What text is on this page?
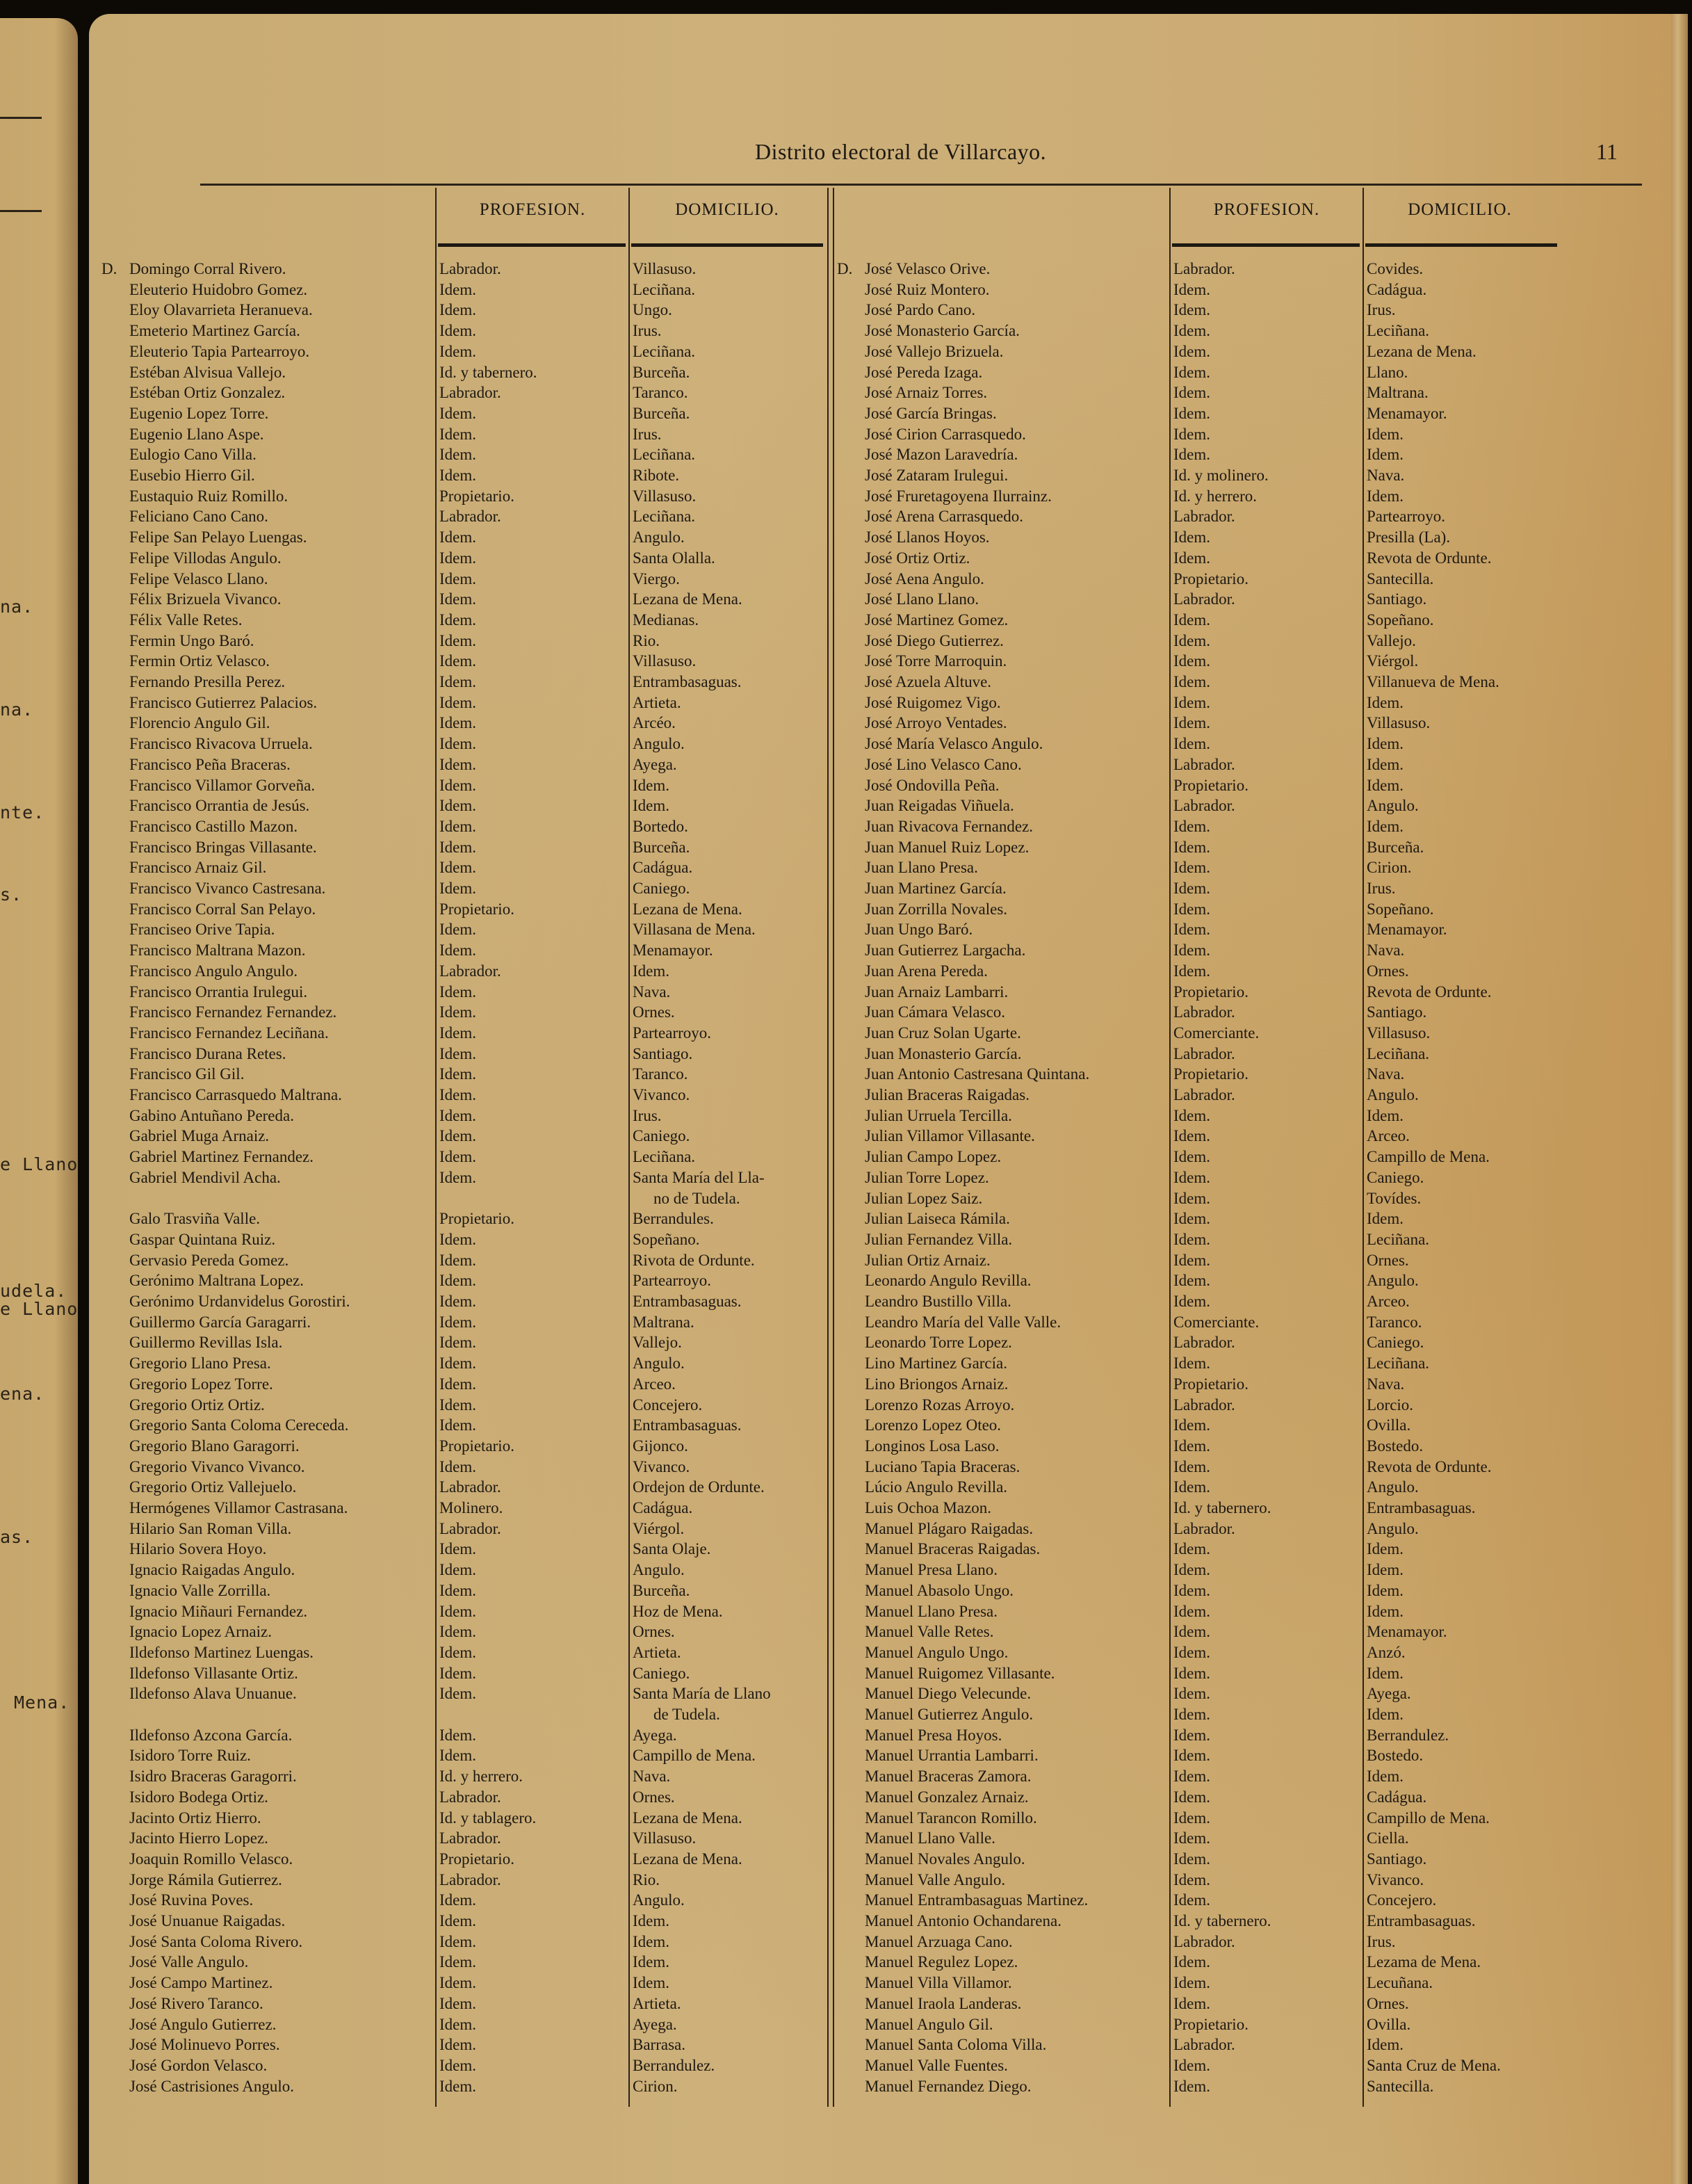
na.
na.
nte.
s.
e Llano
udela.
e Llano
ena.
as.
Mena.
Distrito electoral de Villarcayo.	11
PROFESION.	DOMICILIO.	PROFESION.	DOMICILIO.
D. Domingo Corral Rivero.	Labrador.	Villasuso.
Eleuterio Huidobro Gomez.	Idem.	Leciñana.
Eloy Olavarrieta Heranueva.	Idem.	Ungo.
Emeterio Martinez García.	Idem.	Irus.
Eleuterio Tapia Partearroyo.	Idem.	Leciñana.
Estéban Alvisua Vallejo.	Id. y tabernero.	Burceña.
Estéban Ortiz Gonzalez.	Labrador.	Taranco.
Eugenio Lopez Torre.	Idem.	Burceña.
Eugenio Llano Aspe.	Idem.	Irus.
Eulogio Cano Villa.	Idem.	Leciñana.
Eusebio Hierro Gil.	Idem.	Ribote.
Eustaquio Ruiz Romillo.	Propietario.	Villasuso.
Feliciano Cano Cano.	Labrador.	Leciñana.
Felipe San Pelayo Luengas.	Idem.	Angulo.
Felipe Villodas Angulo.	Idem.	Santa Olalla.
Felipe Velasco Llano.	Idem.	Viergo.
Félix Brizuela Vivanco.	Idem.	Lezana de Mena.
Félix Valle Retes.	Idem.	Medianas.
Fermin Ungo Baró.	Idem.	Rio.
Fermin Ortiz Velasco.	Idem.	Villasuso.
Fernando Presilla Perez.	Idem.	Entrambasaguas.
Francisco Gutierrez Palacios.	Idem.	Artieta.
Florencio Angulo Gil.	Idem.	Arcéo.
Francisco Rivacova Urruela.	Idem.	Angulo.
Francisco Peña Braceras.	Idem.	Ayega.
Francisco Villamor Gorveña.	Idem.	Idem.
Francisco Orrantia de Jesús.	Idem.	Idem.
Francisco Castillo Mazon.	Idem.	Bortedo.
Francisco Bringas Villasante.	Idem.	Burceña.
Francisco Arnaiz Gil.	Idem.	Cadágua.
Francisco Vivanco Castresana.	Idem.	Caniego.
Francisco Corral San Pelayo.	Propietario.	Lezana de Mena.
Franciseo Orive Tapia.	Idem.	Villasana de Mena.
Francisco Maltrana Mazon.	Idem.	Menamayor.
Francisco Angulo Angulo.	Labrador.	Idem.
Francisco Orrantia Irulegui.	Idem.	Nava.
Francisco Fernandez Fernandez.	Idem.	Ornes.
Francisco Fernandez Leciñana.	Idem.	Partearroyo.
Francisco Durana Retes.	Idem.	Santiago.
Francisco Gil Gil.	Idem.	Taranco.
Francisco Carrasquedo Maltrana.	Idem.	Vivanco.
Gabino Antuñano Pereda.	Idem.	Irus.
Gabriel Muga Arnaiz.	Idem.	Caniego.
Gabriel Martinez Fernandez.	Idem.	Leciñana.
Gabriel Mendivil Acha.	Idem.	Santa María del Lla-
no de Tudela.
Galo Trasviña Valle.	Propietario.	Berrandules.
Gaspar Quintana Ruiz.	Idem.	Sopeñano.
Gervasio Pereda Gomez.	Idem.	Rivota de Ordunte.
Gerónimo Maltrana Lopez.	Idem.	Partearroyo.
Gerónimo Urdanvidelus Gorostiri.	Idem.	Entrambasaguas.
Guillermo García Garagarri.	Idem.	Maltrana.
Guillermo Revillas Isla.	Idem.	Vallejo.
Gregorio Llano Presa.	Idem.	Angulo.
Gregorio Lopez Torre.	Idem.	Arceo.
Gregorio Ortiz Ortiz.	Idem.	Concejero.
Gregorio Santa Coloma Cereceda.	Idem.	Entrambasaguas.
Gregorio Blano Garagorri.	Propietario.	Gijonco.
Gregorio Vivanco Vivanco.	Idem.	Vivanco.
Gregorio Ortiz Vallejuelo.	Labrador.	Ordejon de Ordunte.
Hermógenes Villamor Castrasana.	Molinero.	Cadágua.
Hilario San Roman Villa.	Labrador.	Viérgol.
Hilario Sovera Hoyo.	Idem.	Santa Olaje.
Ignacio Raigadas Angulo.	Idem.	Angulo.
Ignacio Valle Zorrilla.	Idem.	Burceña.
Ignacio Miñauri Fernandez.	Idem.	Hoz de Mena.
Ignacio Lopez Arnaiz.	Idem.	Ornes.
Ildefonso Martinez Luengas.	Idem.	Artieta.
Ildefonso Villasante Ortiz.	Idem.	Caniego.
Ildefonso Alava Unuanue.	Idem.	Santa María de Llano
de Tudela.
Ildefonso Azcona García.	Idem.	Ayega.
Isidoro Torre Ruiz.	Idem.	Campillo de Mena.
Isidro Braceras Garagorri.	Id. y herrero.	Nava.
Isidoro Bodega Ortiz.	Labrador.	Ornes.
Jacinto Ortiz Hierro.	Id. y tablagero.	Lezana de Mena.
Jacinto Hierro Lopez.	Labrador.	Villasuso.
Joaquin Romillo Velasco.	Propietario.	Lezana de Mena.
Jorge Rámila Gutierrez.	Labrador.	Rio.
José Ruvina Poves.	Idem.	Angulo.
José Unuanue Raigadas.	Idem.	Idem.
José Santa Coloma Rivero.	Idem.	Idem.
José Valle Angulo.	Idem.	Idem.
José Campo Martinez.	Idem.	Idem.
José Rivero Taranco.	Idem.	Artieta.
José Angulo Gutierrez.	Idem.	Ayega.
José Molinuevo Porres.	Idem.	Barrasa.
José Gordon Velasco.	Idem.	Berrandulez.
José Castrisiones Angulo.	Idem.	Cirion.
D. José Velasco Orive.	Labrador.	Covides.
José Ruiz Montero.	Idem.	Cadágua.
José Pardo Cano.	Idem.	Irus.
José Monasterio García.	Idem.	Leciñana.
José Vallejo Brizuela.	Idem.	Lezana de Mena.
José Pereda Izaga.	Idem.	Llano.
José Arnaiz Torres.	Idem.	Maltrana.
José García Bringas.	Idem.	Menamayor.
José Cirion Carrasquedo.	Idem.	Idem.
José Mazon Laravedría.	Idem.	Idem.
José Zataram Irulegui.	Id. y molinero.	Nava.
José Fruretagoyena Ilurrainz.	Id. y herrero.	Idem.
José Arena Carrasquedo.	Labrador.	Partearroyo.
José Llanos Hoyos.	Idem.	Presilla (La).
José Ortiz Ortiz.	Idem.	Revota de Ordunte.
José Aena Angulo.	Propietario.	Santecilla.
José Llano Llano.	Labrador.	Santiago.
José Martinez Gomez.	Idem.	Sopeñano.
José Diego Gutierrez.	Idem.	Vallejo.
José Torre Marroquin.	Idem.	Viérgol.
José Azuela Altuve.	Idem.	Villanueva de Mena.
José Ruigomez Vigo.	Idem.	Idem.
José Arroyo Ventades.	Idem.	Villasuso.
José María Velasco Angulo.	Idem.	Idem.
José Lino Velasco Cano.	Labrador.	Idem.
José Ondovilla Peña.	Propietario.	Idem.
Juan Reigadas Viñuela.	Labrador.	Angulo.
Juan Rivacova Fernandez.	Idem.	Idem.
Juan Manuel Ruiz Lopez.	Idem.	Burceña.
Juan Llano Presa.	Idem.	Cirion.
Juan Martinez García.	Idem.	Irus.
Juan Zorrilla Novales.	Idem.	Sopeñano.
Juan Ungo Baró.	Idem.	Menamayor.
Juan Gutierrez Largacha.	Idem.	Nava.
Juan Arena Pereda.	Idem.	Ornes.
Juan Arnaiz Lambarri.	Propietario.	Revota de Ordunte.
Juan Cámara Velasco.	Labrador.	Santiago.
Juan Cruz Solan Ugarte.	Comerciante.	Villasuso.
Juan Monasterio García.	Labrador.	Leciñana.
Juan Antonio Castresana Quintana.	Propietario.	Nava.
Julian Braceras Raigadas.	Labrador.	Angulo.
Julian Urruela Tercilla.	Idem.	Idem.
Julian Villamor Villasante.	Idem.	Arceo.
Julian Campo Lopez.	Idem.	Campillo de Mena.
Julian Torre Lopez.	Idem.	Caniego.
Julian Lopez Saiz.	Idem.	Tovídes.
Julian Laiseca Rámila.	Idem.	Idem.
Julian Fernandez Villa.	Idem.	Leciñana.
Julian Ortiz Arnaiz.	Idem.	Ornes.
Leonardo Angulo Revilla.	Idem.	Angulo.
Leandro Bustillo Villa.	Idem.	Arceo.
Leandro María del Valle Valle.	Comerciante.	Taranco.
Leonardo Torre Lopez.	Labrador.	Caniego.
Lino Martinez García.	Idem.	Leciñana.
Lino Briongos Arnaiz.	Propietario.	Nava.
Lorenzo Rozas Arroyo.	Labrador.	Lorcio.
Lorenzo Lopez Oteo.	Idem.	Ovilla.
Longinos Losa Laso.	Idem.	Bostedo.
Luciano Tapia Braceras.	Idem.	Revota de Ordunte.
Lúcio Angulo Revilla.	Idem.	Angulo.
Luis Ochoa Mazon.	Id. y tabernero.	Entrambasaguas.
Manuel Plágaro Raigadas.	Labrador.	Angulo.
Manuel Braceras Raigadas.	Idem.	Idem.
Manuel Presa Llano.	Idem.	Idem.
Manuel Abasolo Ungo.	Idem.	Idem.
Manuel Llano Presa.	Idem.	Idem.
Manuel Valle Retes.	Idem.	Menamayor.
Manuel Angulo Ungo.	Idem.	Anzó.
Manuel Ruigomez Villasante.	Idem.	Idem.
Manuel Diego Velecunde.	Idem.	Ayega.
Manuel Gutierrez Angulo.	Idem.	Idem.
Manuel Presa Hoyos.	Idem.	Berrandulez.
Manuel Urrantia Lambarri.	Idem.	Bostedo.
Manuel Braceras Zamora.	Idem.	Idem.
Manuel Gonzalez Arnaiz.	Idem.	Cadágua.
Manuel Tarancon Romillo.	Idem.	Campillo de Mena.
Manuel Llano Valle.	Idem.	Ciella.
Manuel Novales Angulo.	Idem.	Santiago.
Manuel Valle Angulo.	Idem.	Vivanco.
Manuel Entrambasaguas Martinez.	Idem.	Concejero.
Manuel Antonio Ochandarena.	Id. y tabernero.	Entrambasaguas.
Manuel Arzuaga Cano.	Labrador.	Irus.
Manuel Regulez Lopez.	Idem.	Lezama de Mena.
Manuel Villa Villamor.	Idem.	Lecuñana.
Manuel Iraola Landeras.	Idem.	Ornes.
Manuel Angulo Gil.	Propietario.	Ovilla.
Manuel Santa Coloma Villa.	Labrador.	Idem.
Manuel Valle Fuentes.	Idem.	Santa Cruz de Mena.
Manuel Fernandez Diego.	Idem.	Santecilla.
